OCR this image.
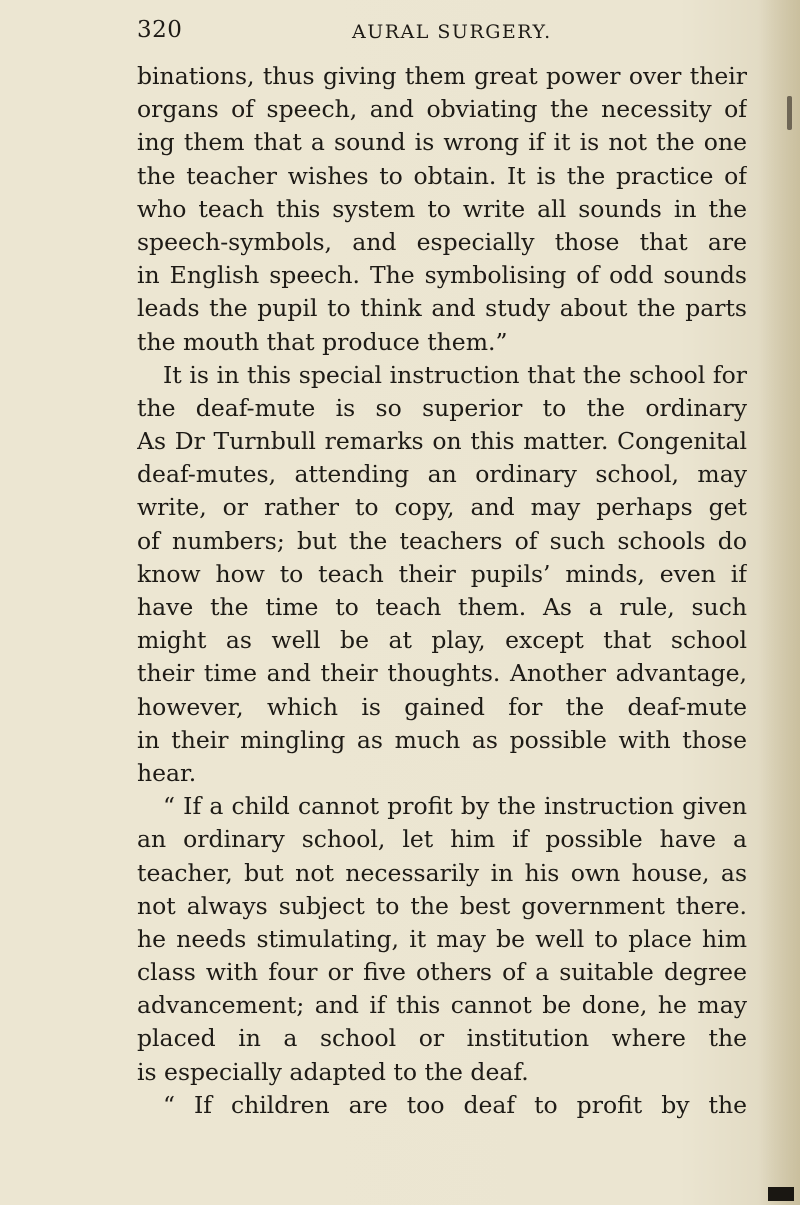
320	AURAL SURGERY.
binations, thus giving them great power over their
organs of speech, and obviating the necessity of
ing them that a sound is wrong if it is not the one
the teacher wishes to obtain. It is the practice of
who teach this system to write all sounds in the
speech-symbols, and especially those that are
in English speech. The symbolising of odd sounds
leads the pupil to think and study about the parts
the mouth that produce them.”
It is in this special instruction that the school for
the deaf-mute is so superior to the ordinary
As Dr Turnbull remarks on this matter. Congenital
deaf-mutes, attending an ordinary school, may
write, or rather to copy, and may perhaps get
of numbers; but the teachers of such schools do
know how to teach their pupils’ minds, even if
have the time to teach them. As a rule, such
might as well be at play, except that school
their time and their thoughts. Another advantage,
however, which is gained for the deaf-mute
in their mingling as much as possible with those
hear.
“ If a child cannot profit by the instruction given
an ordinary school, let him if possible have a
teacher, but not necessarily in his own house, as
not always subject to the best government there.
he needs stimulating, it may be well to place him
class with four or five others of a suitable degree
advancement; and if this cannot be done, he may
placed in a school or institution where the
is especially adapted to the deaf.
“ If children are too deaf to profit by the
